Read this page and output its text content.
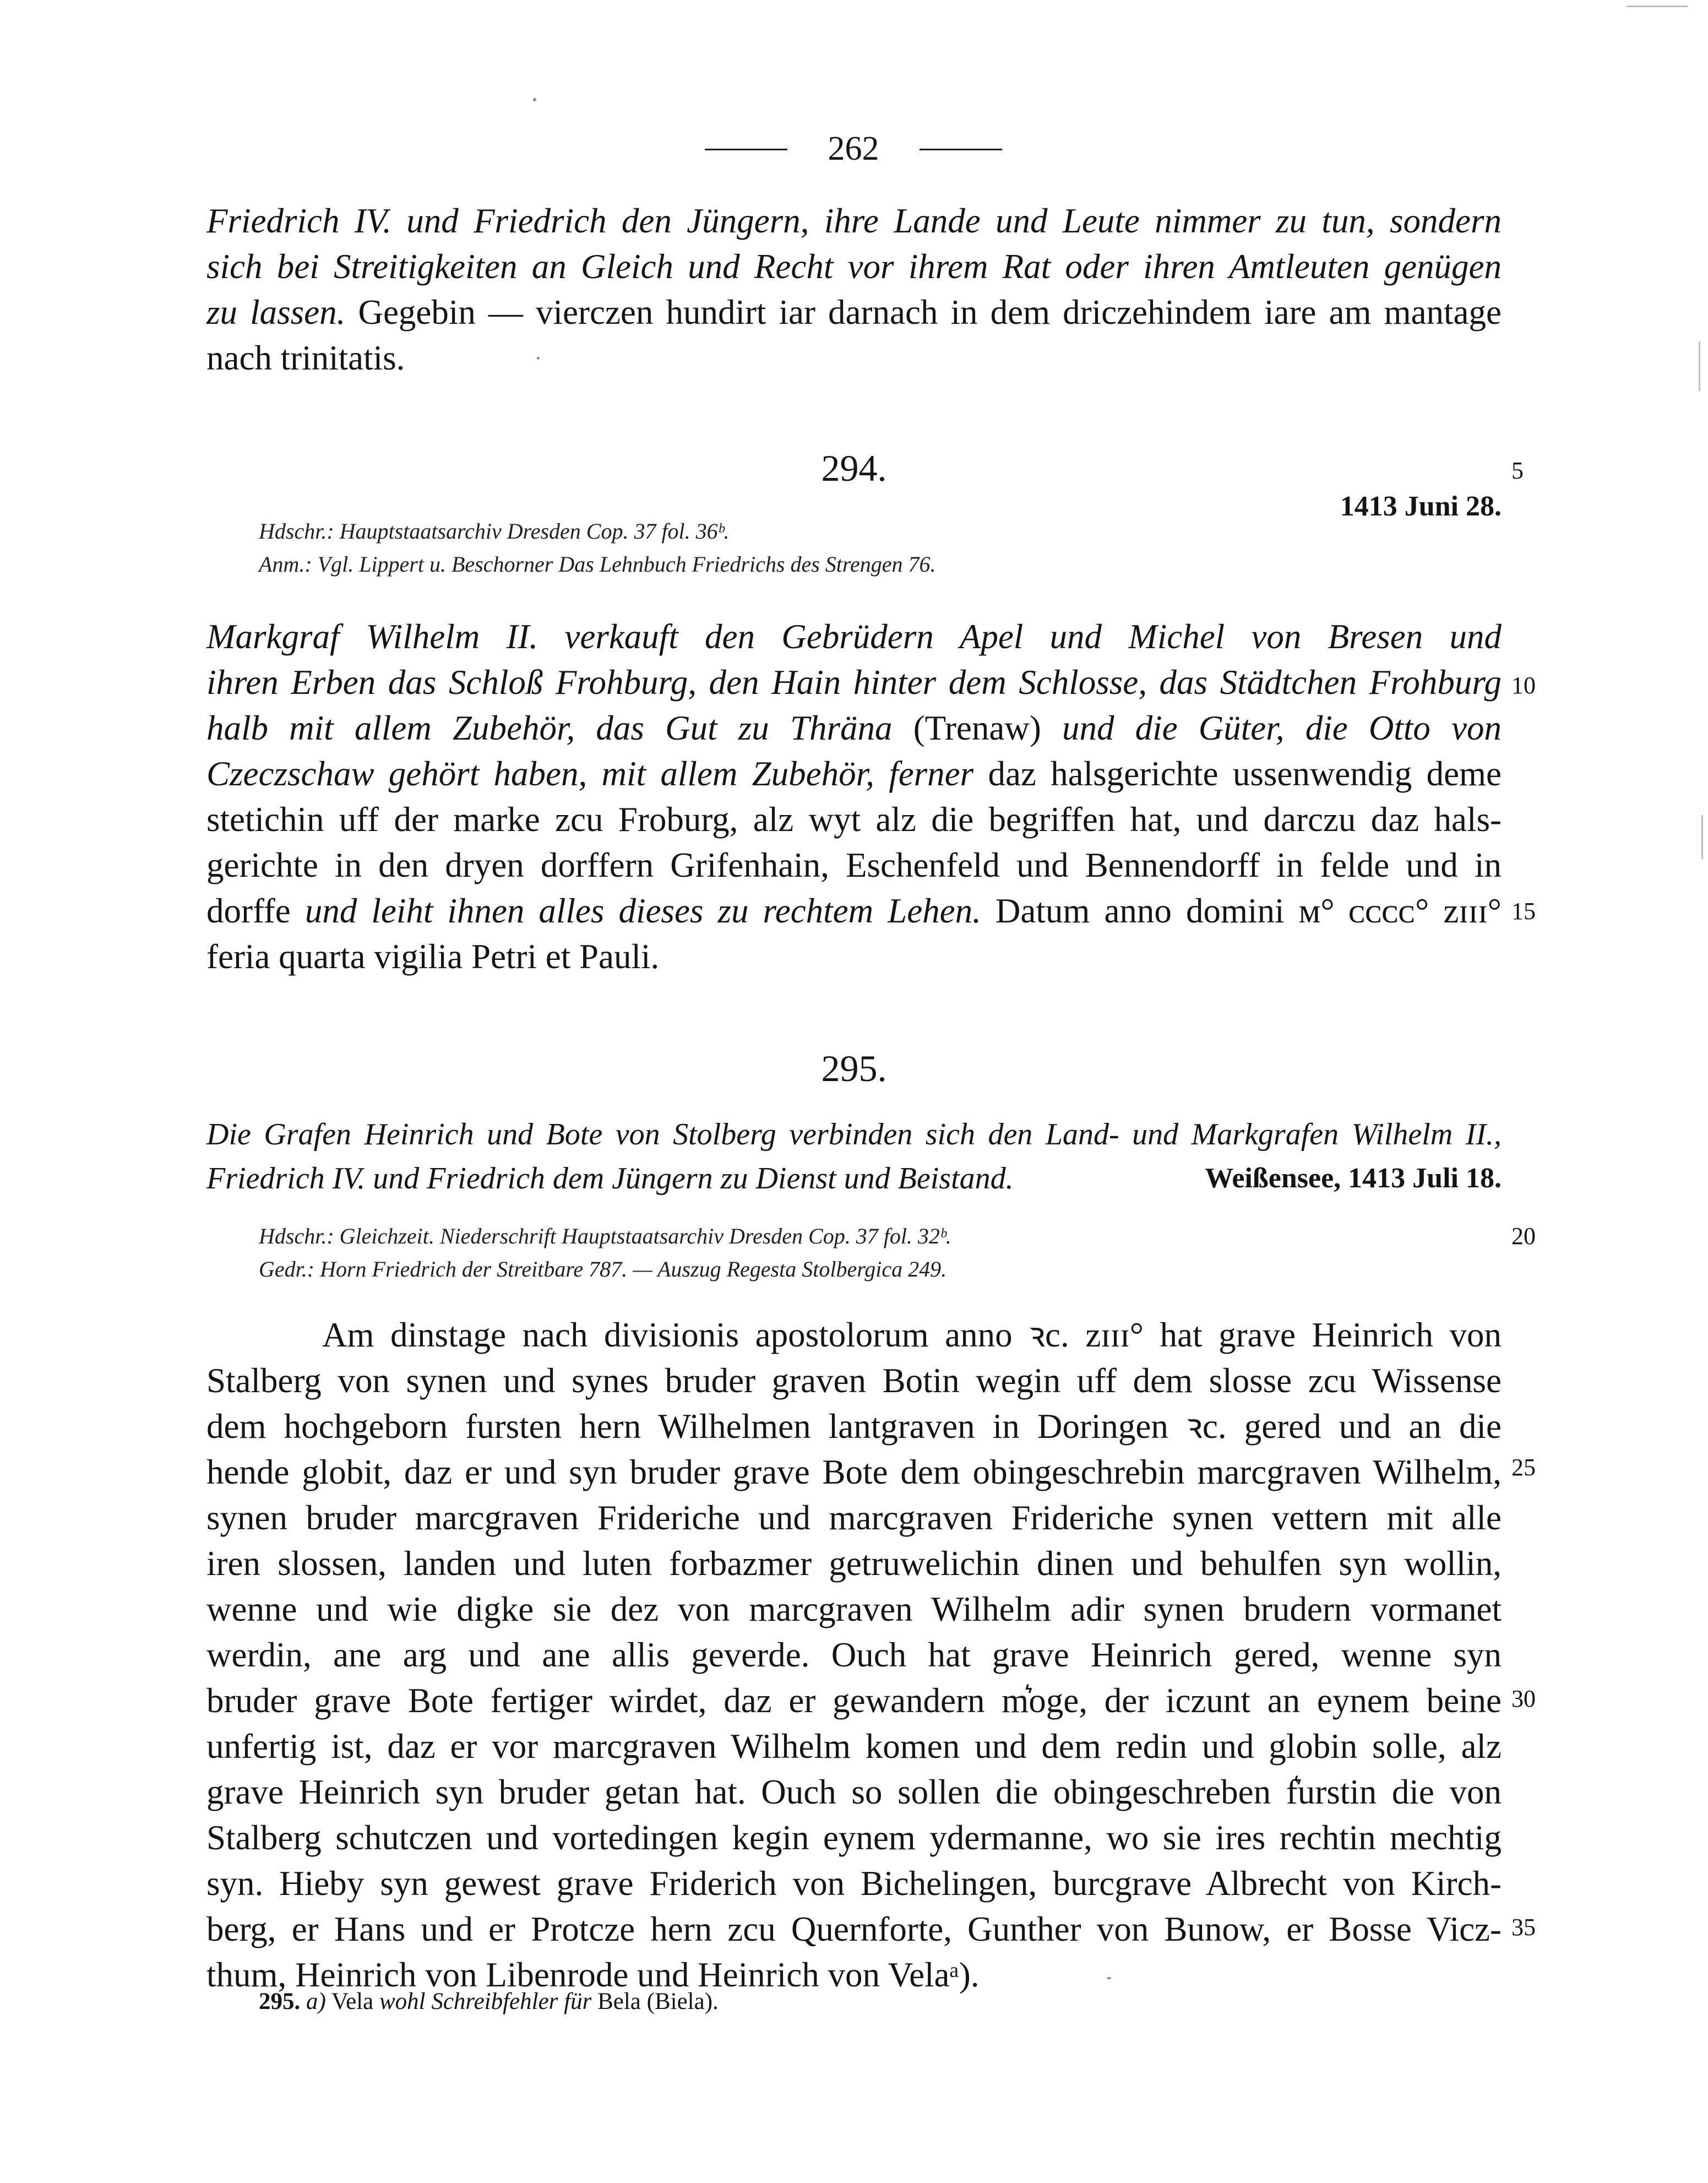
262
Friedrich IV. und Friedrich den Jüngern, ihre Lande und Leute nimmer zu tun, sondern
sich bei Streitigkeiten an Gleich und Recht vor ihrem Rat oder ihren Amtleuten genügen
zu lassen. Gegebin — vierczen hundirt iar darnach in dem driczehindem iare am mantage
nach trinitatis.
294.
1413 Juni 28.
Hdschr.: Hauptstaatsarchiv Dresden Cop. 37 fol. 36ᵇ.
Anm.: Vgl. Lippert u. Beschorner Das Lehnbuch Friedrichs des Strengen 76.
Markgraf Wilhelm II. verkauft den Gebrüdern Apel und Michel von Bresen und
ihren Erben das Schloß Frohburg, den Hain hinter dem Schlosse, das Städtchen Frohburg
halb mit allem Zubehör, das Gut zu Thräna (Trenaw) und die Güter, die Otto von
Czeczschaw gehört haben, mit allem Zubehör, ferner daz halsgerichte ussenwendig deme
stetichin uff der marke zcu Froburg, alz wyt alz die begriffen hat, und darczu daz hals-
gerichte in den dryen dorffern Grifenhain, Eschenfeld und Bennendorff in felde und in
dorffe und leiht ihnen alles dieses zu rechtem Lehen. Datum anno domini ᴍ° ᴄᴄᴄᴄ° ᴢɪɪɪ°
feria quarta vigilia Petri et Pauli.
295.
Die Grafen Heinrich und Bote von Stolberg verbinden sich den Land- und Markgrafen Wilhelm II.,
Friedrich IV. und Friedrich dem Jüngern zu Dienst und Beistand.	Weißensee, 1413 Juli 18.
Hdschr.: Gleichzeit. Niederschrift Hauptstaatsarchiv Dresden Cop. 37 fol. 32ᵇ.
Gedr.: Horn Friedrich der Streitbare 787. — Auszug Regesta Stolbergica 249.
Am dinstage nach divisionis apostolorum anno ꝛc. ᴢɪɪɪ° hat grave Heinrich von
Stalberg von synen und synes bruder graven Botin wegin uff dem slosse zcu Wissense
dem hochgeborn fursten hern Wilhelmen lantgraven in Doringen ꝛc. gered und an die
hende globit, daz er und syn bruder grave Bote dem obingeschrebin marcgraven Wilhelm,
synen bruder marcgraven Frideriche und marcgraven Frideriche synen vettern mit alle
iren slossen, landen und luten forbazmer getruwelichin dinen und behulfen syn wollin,
wenne und wie digke sie dez von marcgraven Wilhelm adir synen brudern vormanet
werdin, ane arg und ane allis geverde. Ouch hat grave Heinrich gered, wenne syn
bruder grave Bote fertiger wirdet, daz er gewandern m͛oge, der iczunt an eynem beine
unfertig ist, daz er vor marcgraven Wilhelm komen und dem redin und globin solle, alz
grave Heinrich syn bruder getan hat. Ouch so sollen die obingeschreben f͛urstin die von
Stalberg schutczen und vortedingen kegin eynem ydermanne, wo sie ires rechtin mechtig
syn. Hieby syn gewest grave Friderich von Bichelingen, burcgrave Albrecht von Kirch-
berg, er Hans und er Protcze hern zcu Quernforte, Gunther von Bunow, er Bosse Vicz-
thum, Heinrich von Libenrode und Heinrich von Velaᵃ).
5
10
15
20
25
30
35
295. a) Vela wohl Schreibfehler für Bela (Biela).
